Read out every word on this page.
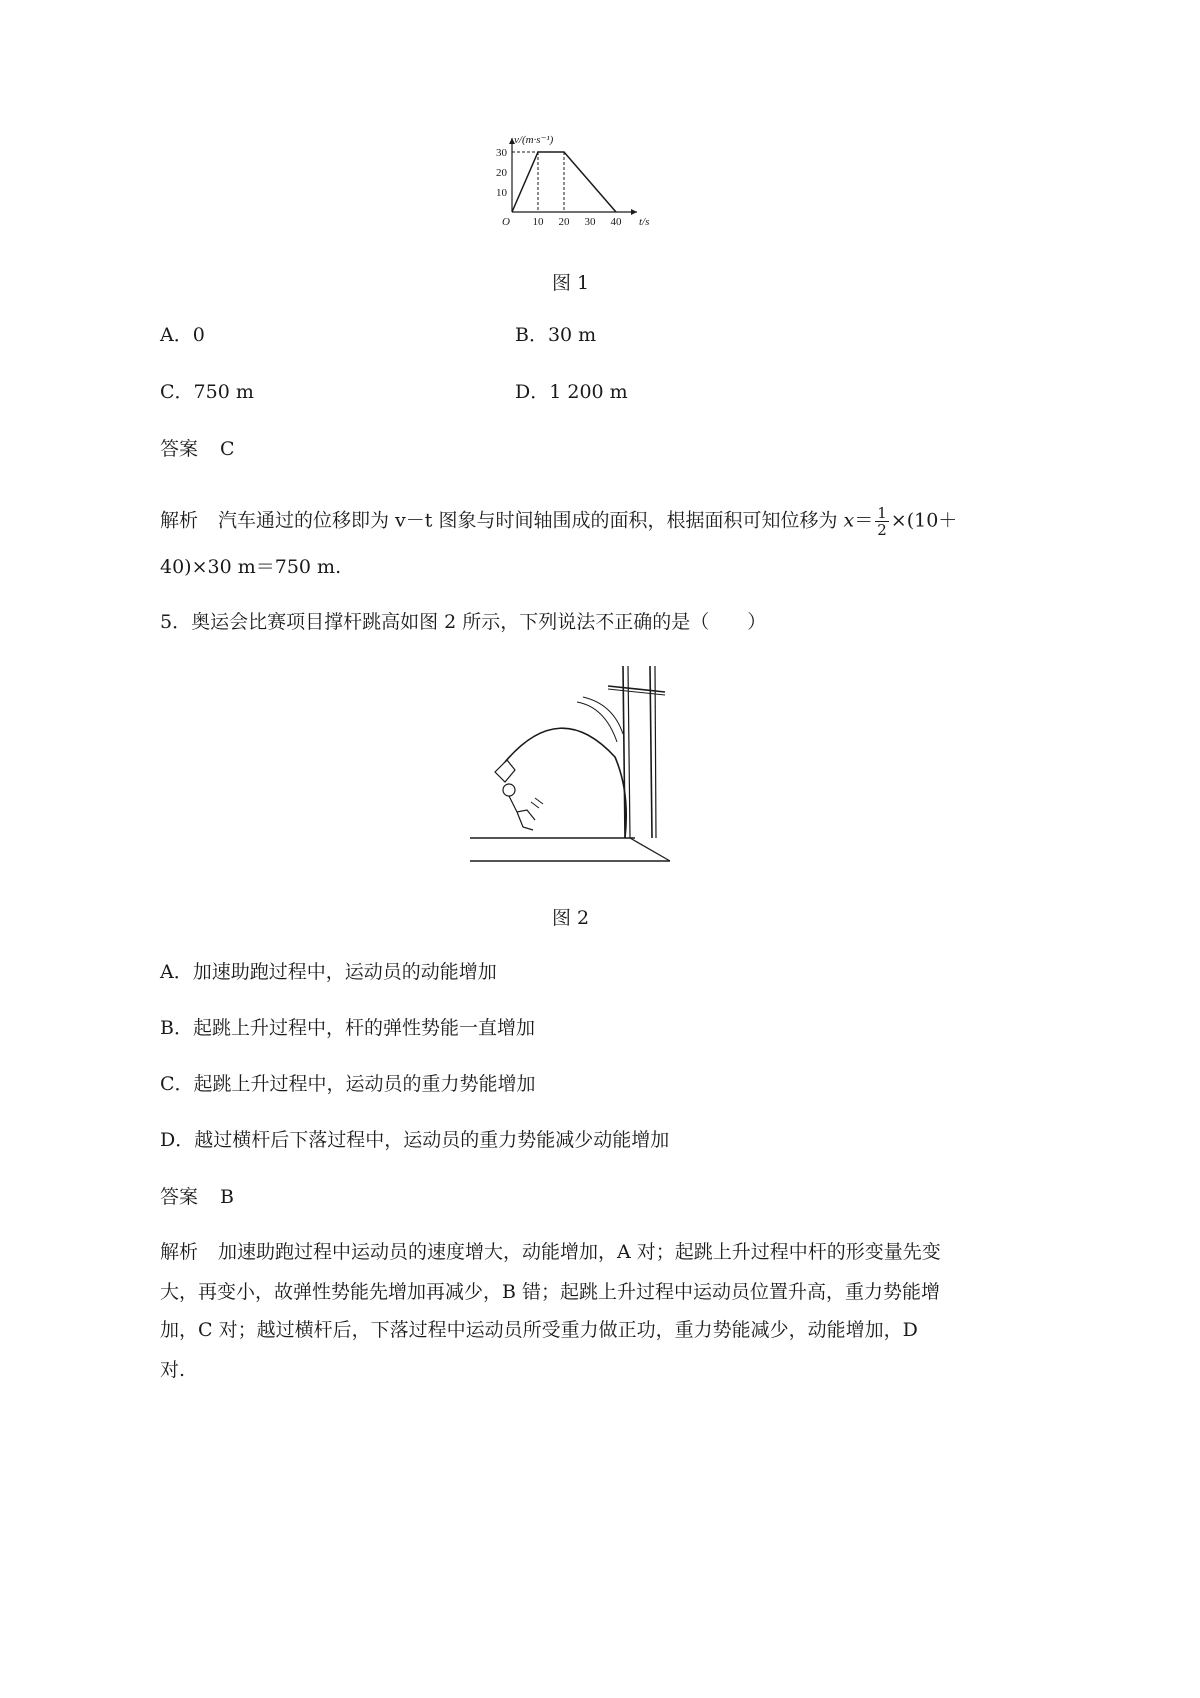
10 20 30 40
10
20
30
O	t/s
v/(m·s⁻¹)
图 1
A．0	B．30 m
C．750 m	D．1 200 m
答案 C
解析 汽车通过的位移即为 v－t 图象与时间轴围成的面积，根据面积可知位移为 $x= \frac{1}{2} \times(10+$
40)×30 m＝750 m.
5．奥运会比赛项目撑杆跳高如图 2 所示，下列说法不正确的是（　　）
图 2
A．加速助跑过程中，运动员的动能增加
B．起跳上升过程中，杆的弹性势能一直增加
C．起跳上升过程中，运动员的重力势能增加
D．越过横杆后下落过程中，运动员的重力势能减少动能增加
答案 B
解析 加速助跑过程中运动员的速度增大，动能增加，A 对；起跳上升过程中杆的形变量先变
大，再变小，故弹性势能先增加再减少，B 错；起跳上升过程中运动员位置升高，重力势能增
加，C 对；越过横杆后，下落过程中运动员所受重力做正功，重力势能减少，动能增加，D
对.
